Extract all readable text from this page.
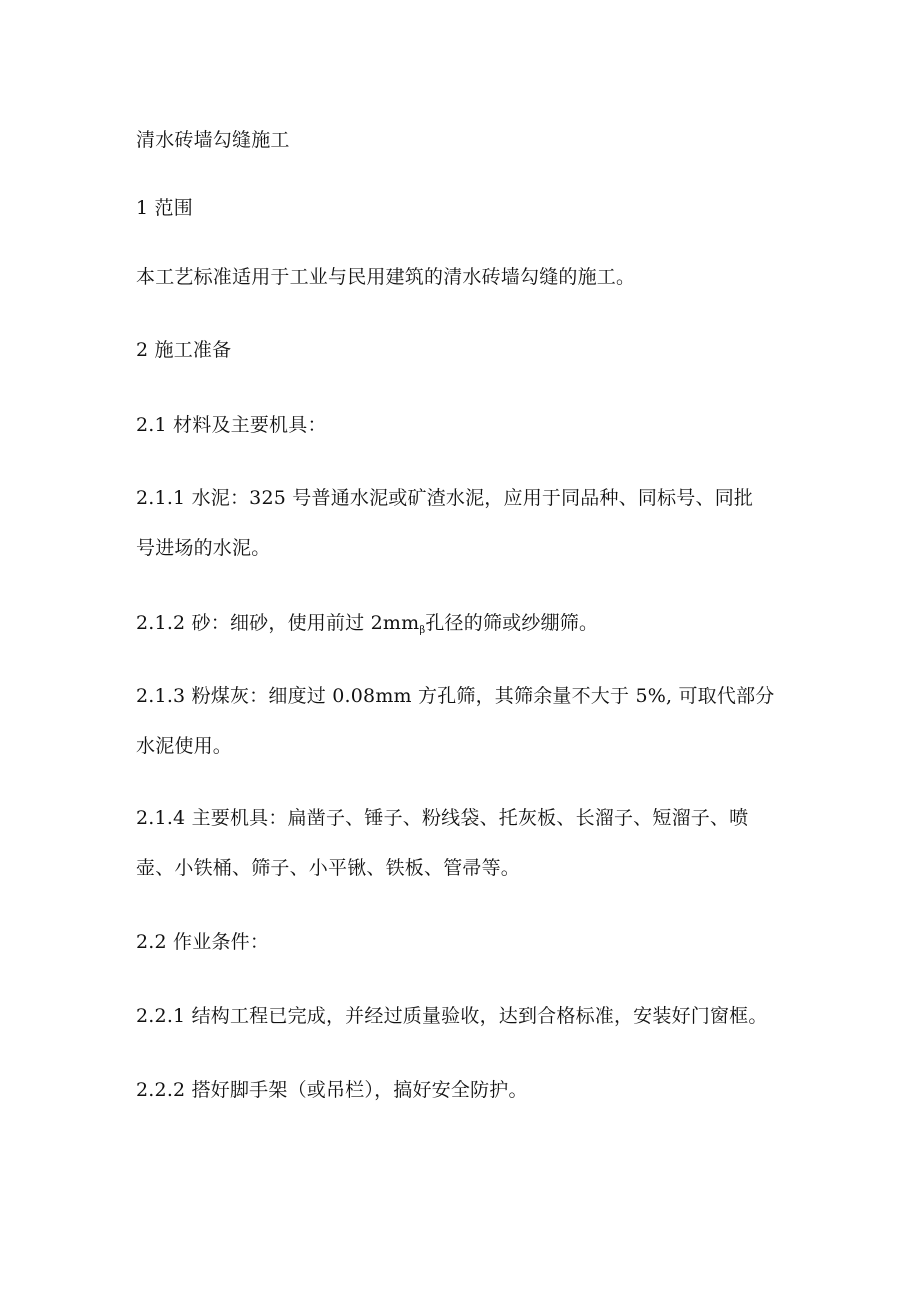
清水砖墙勾缝施工
1 范围
本工艺标准适用于工业与民用建筑的清水砖墙勾缝的施工。
2 施工准备
2.1 材料及主要机具：
2.1.1 水泥：325 号普通水泥或矿渣水泥，应用于同品种、同标号、同批
号进场的水泥。
2.1.2 砂：细砂，使用前过 $2mm_\beta$孔径的筛或纱绷筛。
2.1.3 粉煤灰：细度过 0.08mm 方孔筛，其筛余量不大于 5%, 可取代部分
水泥使用。
2.1.4 主要机具：扁凿子、锤子、粉线袋、托灰板、长溜子、短溜子、喷
壶、小铁桶、筛子、小平锹、铁板、管帚等。
2.2 作业条件：
2.2.1 结构工程已完成，并经过质量验收，达到合格标准，安装好门窗框。
2.2.2 搭好脚手架（或吊栏），搞好安全防护。
